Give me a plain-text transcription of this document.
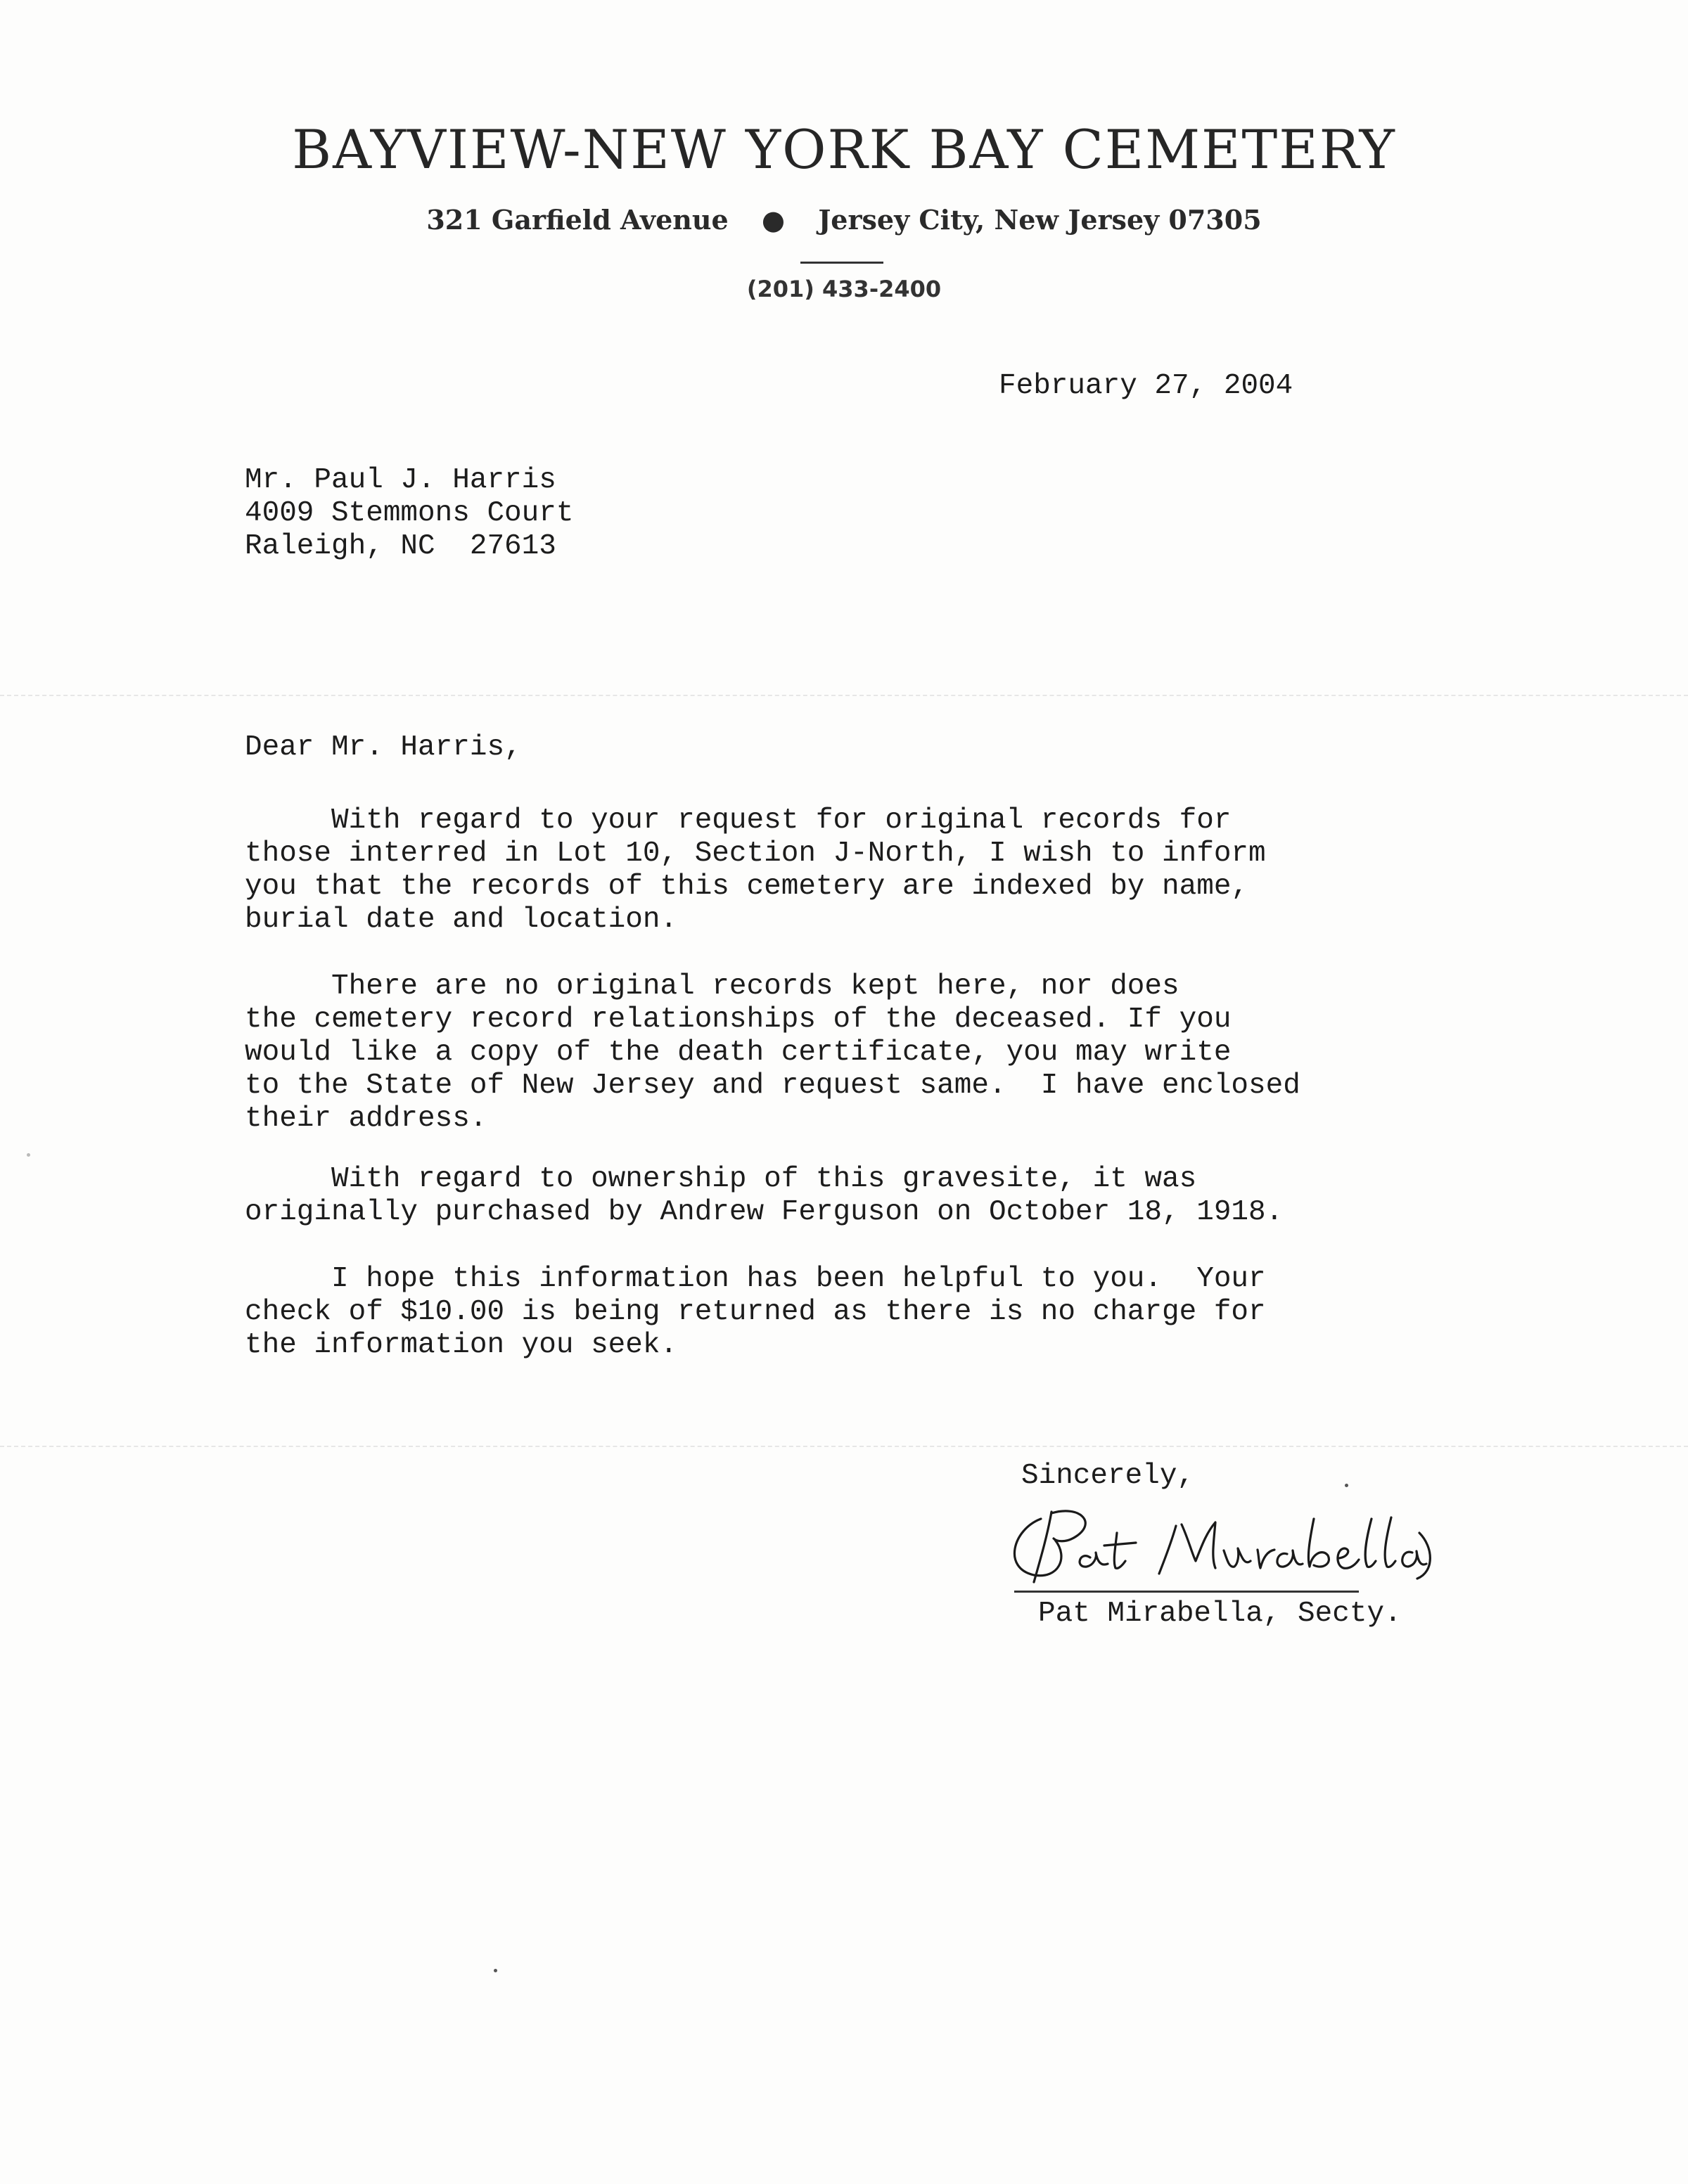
BAYVIEW-NEW YORK BAY CEMETERY
321 Garfield Avenue ● Jersey City, New Jersey 07305
(201) 433-2400

February 27, 2004

Mr. Paul J. Harris
4009 Stemmons Court
Raleigh, NC  27613

Dear Mr. Harris,

With regard to your request for original records for
those interred in Lot 10, Section J-North, I wish to inform
you that the records of this cemetery are indexed by name,
burial date and location.

There are no original records kept here, nor does
the cemetery record relationships of the deceased. If you
would like a copy of the death certificate, you may write
to the State of New Jersey and request same.  I have enclosed
their address.

With regard to ownership of this gravesite, it was
originally purchased by Andrew Ferguson on October 18, 1918.

I hope this information has been helpful to you.  Your
check of $10.00 is being returned as there is no charge for
the information you seek.

Sincerely,

Pat Mirabella, Secty.
